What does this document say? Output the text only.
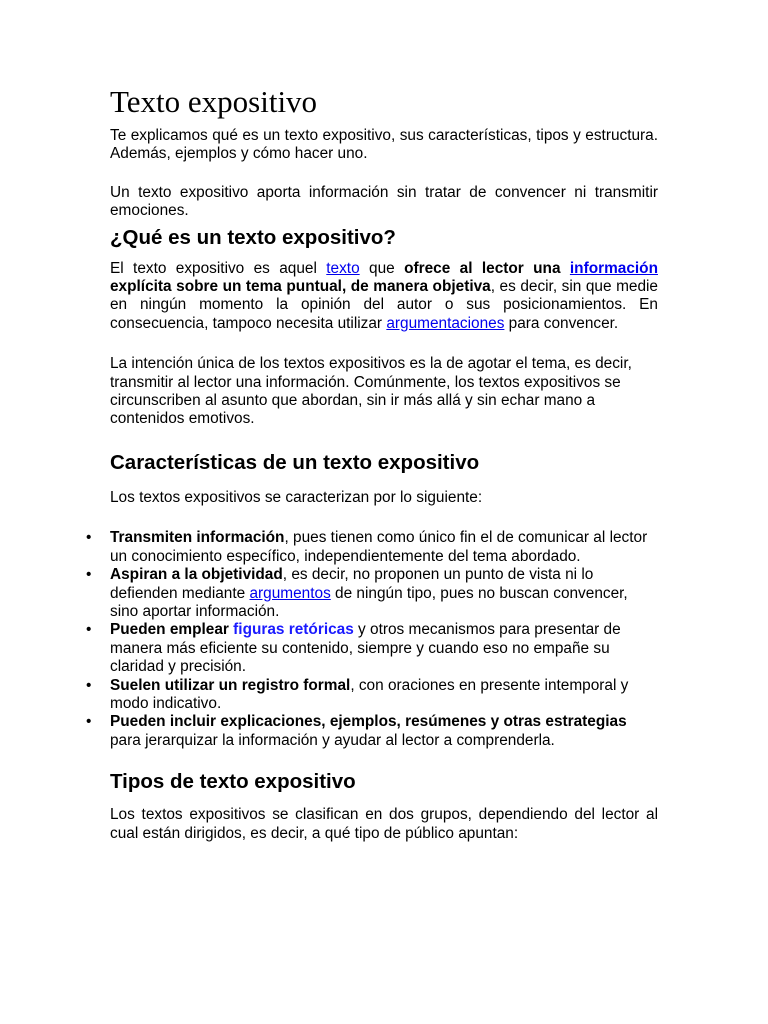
Texto expositivo

Te explicamos qué es un texto expositivo, sus características, tipos y estructura. Además, ejemplos y cómo hacer uno.

Un texto expositivo aporta información sin tratar de convencer ni transmitir emociones.

¿Qué es un texto expositivo?

El texto expositivo es aquel texto que ofrece al lector una información explícita sobre un tema puntual, de manera objetiva, es decir, sin que medie en ningún momento la opinión del autor o sus posicionamientos. En consecuencia, tampoco necesita utilizar argumentaciones para convencer.

La intención única de los textos expositivos es la de agotar el tema, es decir, transmitir al lector una información. Comúnmente, los textos expositivos se circunscriben al asunto que abordan, sin ir más allá y sin echar mano a contenidos emotivos.

Características de un texto expositivo

Los textos expositivos se caracterizan por lo siguiente:

• Transmiten información, pues tienen como único fin el de comunicar al lector un conocimiento específico, independientemente del tema abordado.
• Aspiran a la objetividad, es decir, no proponen un punto de vista ni lo defienden mediante argumentos de ningún tipo, pues no buscan convencer, sino aportar información.
• Pueden emplear figuras retóricas y otros mecanismos para presentar de manera más eficiente su contenido, siempre y cuando eso no empañe su claridad y precisión.
• Suelen utilizar un registro formal, con oraciones en presente intemporal y modo indicativo.
• Pueden incluir explicaciones, ejemplos, resúmenes y otras estrategias para jerarquizar la información y ayudar al lector a comprenderla.
Tipos de texto expositivo

Los textos expositivos se clasifican en dos grupos, dependiendo del lector al cual están dirigidos, es decir, a qué tipo de público apuntan:
